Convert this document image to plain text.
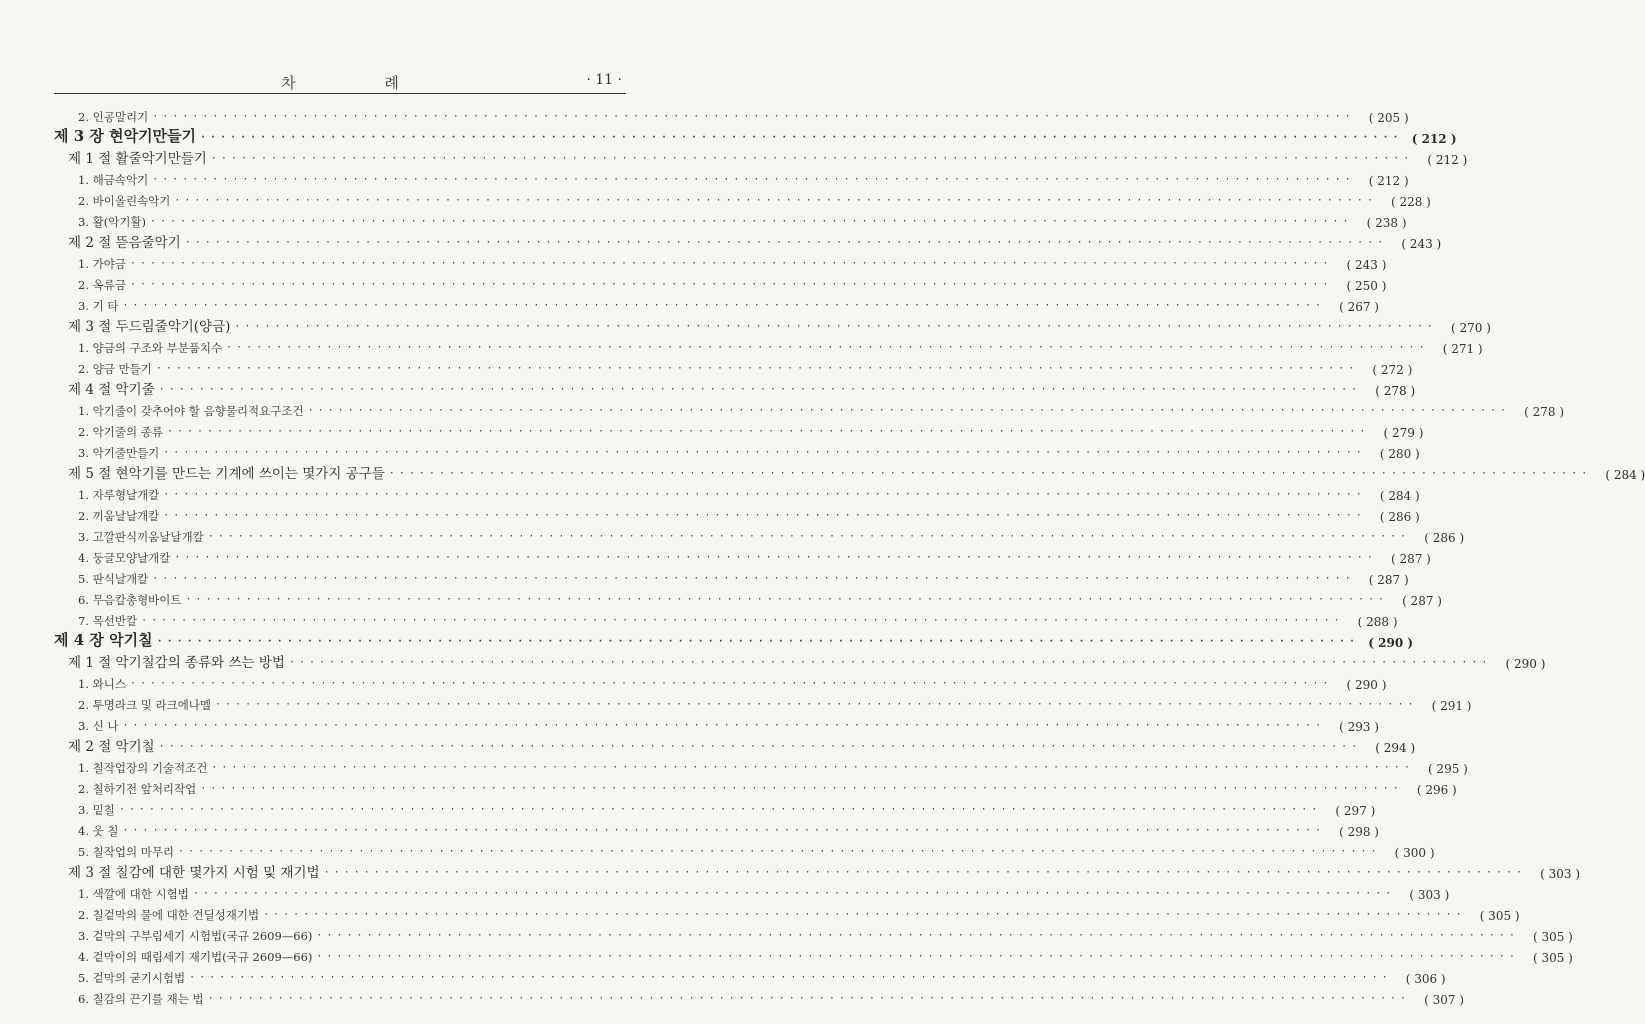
차 례	· 11 ·
2. 인공말리기 ························································································································	( 205 )
제 3 장 현악기만들기 ························································································································ ( 212 )
제 1 절 활줄악기만들기 ························································································································	( 212 )
1. 해금속악기 ························································································································	( 212 )
2. 바이올린속악기 ························································································································	( 228 )
3. 활(악기활) ························································································································	( 238 )
제 2 절 뜯음줄악기 ························································································································	( 243 )
1. 가야금 ························································································································	( 243 )
2. 옥류금 ························································································································	( 250 )
3. 기 타 ························································································································	( 267 )
제 3 절 두드림줄악기(양금) ························································································································	( 270 )
1. 양금의 구조와 부분품치수 ························································································································	( 271 )
2. 양금 만들기 ························································································································	( 272 )
제 4 절 악기줄 ························································································································	( 278 )
1. 악기줄이 갖추어야 할 음향물리적요구조건 ························································································································	( 278 )
2. 악기줄의 종류 ························································································································	( 279 )
3. 악기줄만들기 ························································································································	( 280 )
제 5 절 현악기를 만드는 기계에 쓰이는 몇가지 공구들 ························································································································	( 284 )
1. 자루형날개칼 ························································································································	( 284 )
2. 끼움날날개칼 ························································································································	( 286 )
3. 고깔판식끼움날날개칼 ························································································································	( 286 )
4. 둥글모양날개칼 ························································································································	( 287 )
5. 판식날개칼 ························································································································	( 287 )
6. 무음칼총형바이트 ························································································································	( 287 )
7. 목선반칼 ························································································································	( 288 )
제 4 장 악기칠 ························································································································ ( 290 )
제 1 절 악기칠감의 종류와 쓰는 방법 ························································································································	( 290 )
1. 와니스 ························································································································	( 290 )
2. 투명라크 및 라크에나멜 ························································································································	( 291 )
3. 신 나 ························································································································	( 293 )
제 2 절 악기칠 ························································································································	( 294 )
1. 칠작업장의 기술적조건 ························································································································	( 295 )
2. 칠하기전 앞처리작업 ························································································································	( 296 )
3. 밑칠 ························································································································	( 297 )
4. 웃 칠 ························································································································	( 298 )
5. 칠작업의 마무리 ························································································································	( 300 )
제 3 절 칠감에 대한 몇가지 시험 및 재기법 ························································································································	( 303 )
1. 색깔에 대한 시험법 ························································································································	( 303 )
2. 칠겉막의 물에 대한 견딜성재기법 ························································································································	( 305 )
3. 겉막의 구부림세기 시험법(국규 2609—66) ························································································································	( 305 )
4. 겉막이의 때림세기 재기법(국규 2609—66) ························································································································	( 305 )
5. 겉막의 굳기시험법 ························································································································	( 306 )
6. 칠감의 끈기를 재는 법 ························································································································	( 307 )
